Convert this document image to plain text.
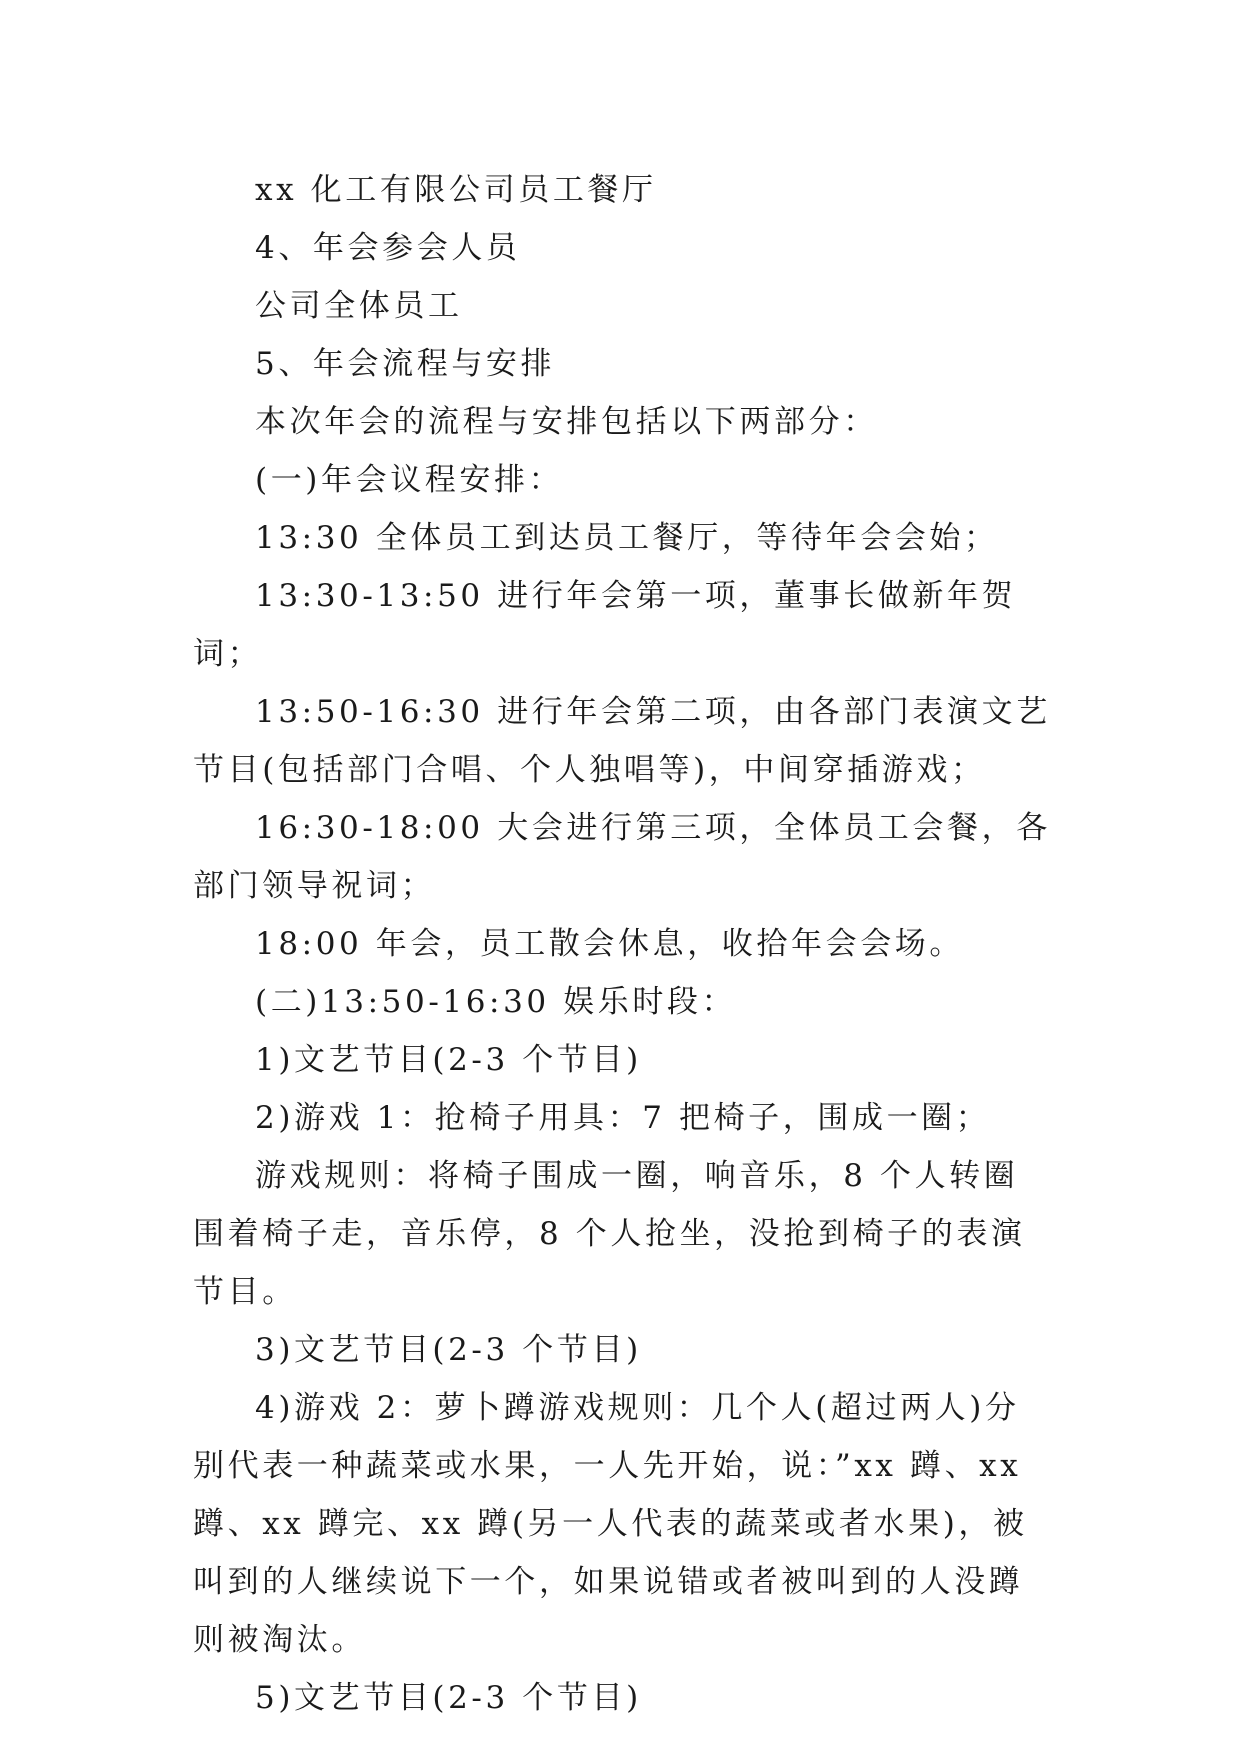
xx 化工有限公司员工餐厅

4、年会参会人员

公司全体员工

5、年会流程与安排

本次年会的流程与安排包括以下两部分：

(一)年会议程安排：

13:30 全体员工到达员工餐厅，等待年会会始；

13:30-13:50 进行年会第一项，董事长做新年贺词；

13:50-16:30 进行年会第二项，由各部门表演文艺节目(包括部门合唱、个人独唱等)，中间穿插游戏；

16:30-18:00 大会进行第三项，全体员工会餐，各部门领导祝词；

18:00 年会，员工散会休息，收拾年会会场。

(二)13:50-16:30 娱乐时段：

1)文艺节目(2-3 个节目)

2)游戏 1：抢椅子用具：7 把椅子，围成一圈；

游戏规则：将椅子围成一圈，响音乐，8 个人转圈围着椅子走，音乐停，8 个人抢坐，没抢到椅子的表演节目。

3)文艺节目(2-3 个节目)

4)游戏 2：萝卜蹲游戏规则：几个人(超过两人)分别代表一种蔬菜或水果，一人先开始，说：”xx 蹲、xx 蹲、xx 蹲完、xx 蹲(另一人代表的蔬菜或者水果)，被叫到的人继续说下一个，如果说错或者被叫到的人没蹲则被淘汰。

5)文艺节目(2-3 个节目)
